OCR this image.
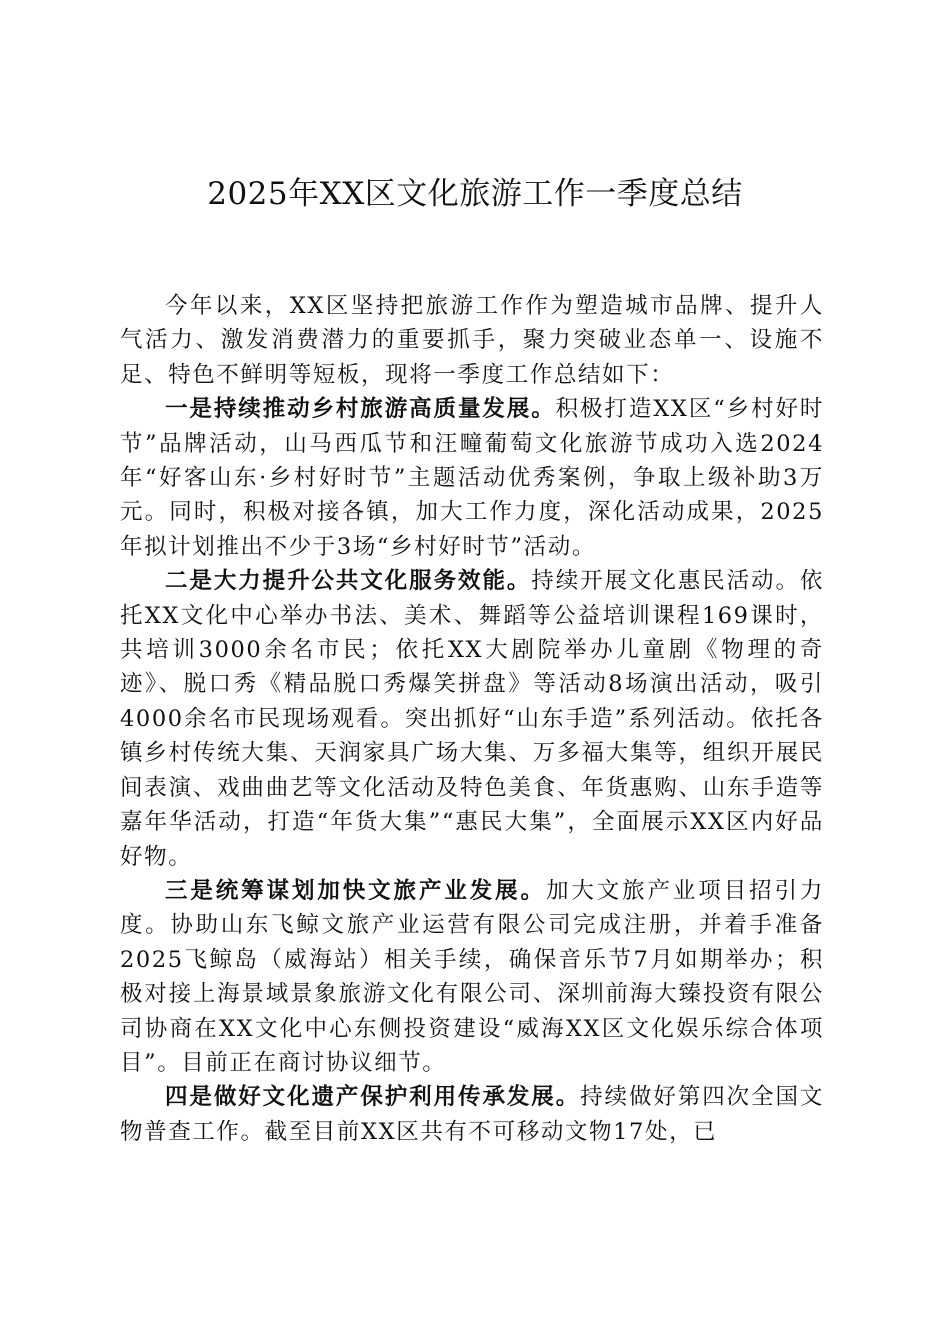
2025年XX区文化旅游工作一季度总结

今年以来，XX区坚持把旅游工作作为塑造城市品牌、提升人气活力、激发消费潜力的重要抓手，聚力突破业态单一、设施不足、特色不鲜明等短板，现将一季度工作总结如下：

一是持续推动乡村旅游高质量发展。积极打造XX区“乡村好时节”品牌活动，山马西瓜节和汪疃葡萄文化旅游节成功入选2024年“好客山东·乡村好时节”主题活动优秀案例，争取上级补助3万元。同时，积极对接各镇，加大工作力度，深化活动成果，2025年拟计划推出不少于3场“乡村好时节”活动。

二是大力提升公共文化服务效能。持续开展文化惠民活动。依托XX文化中心举办书法、美术、舞蹈等公益培训课程169课时，共培训3000余名市民；依托XX大剧院举办儿童剧《物理的奇迹》、脱口秀《精品脱口秀爆笑拼盘》等活动8场演出活动，吸引4000余名市民现场观看。突出抓好“山东手造”系列活动。依托各镇乡村传统大集、天润家具广场大集、万多福大集等，组织开展民间表演、戏曲曲艺等文化活动及特色美食、年货惠购、山东手造等嘉年华活动，打造“年货大集”“惠民大集”，全面展示XX区内好品好物。

三是统筹谋划加快文旅产业发展。加大文旅产业项目招引力度。协助山东飞鲸文旅产业运营有限公司完成注册，并着手准备2025飞鲸岛（威海站）相关手续，确保音乐节7月如期举办；积极对接上海景域景象旅游文化有限公司、深圳前海大臻投资有限公司协商在XX文化中心东侧投资建设“威海XX区文化娱乐综合体项目”。目前正在商讨协议细节。

四是做好文化遗产保护利用传承发展。持续做好第四次全国文物普查工作。截至目前XX区共有不可移动文物17处，已
